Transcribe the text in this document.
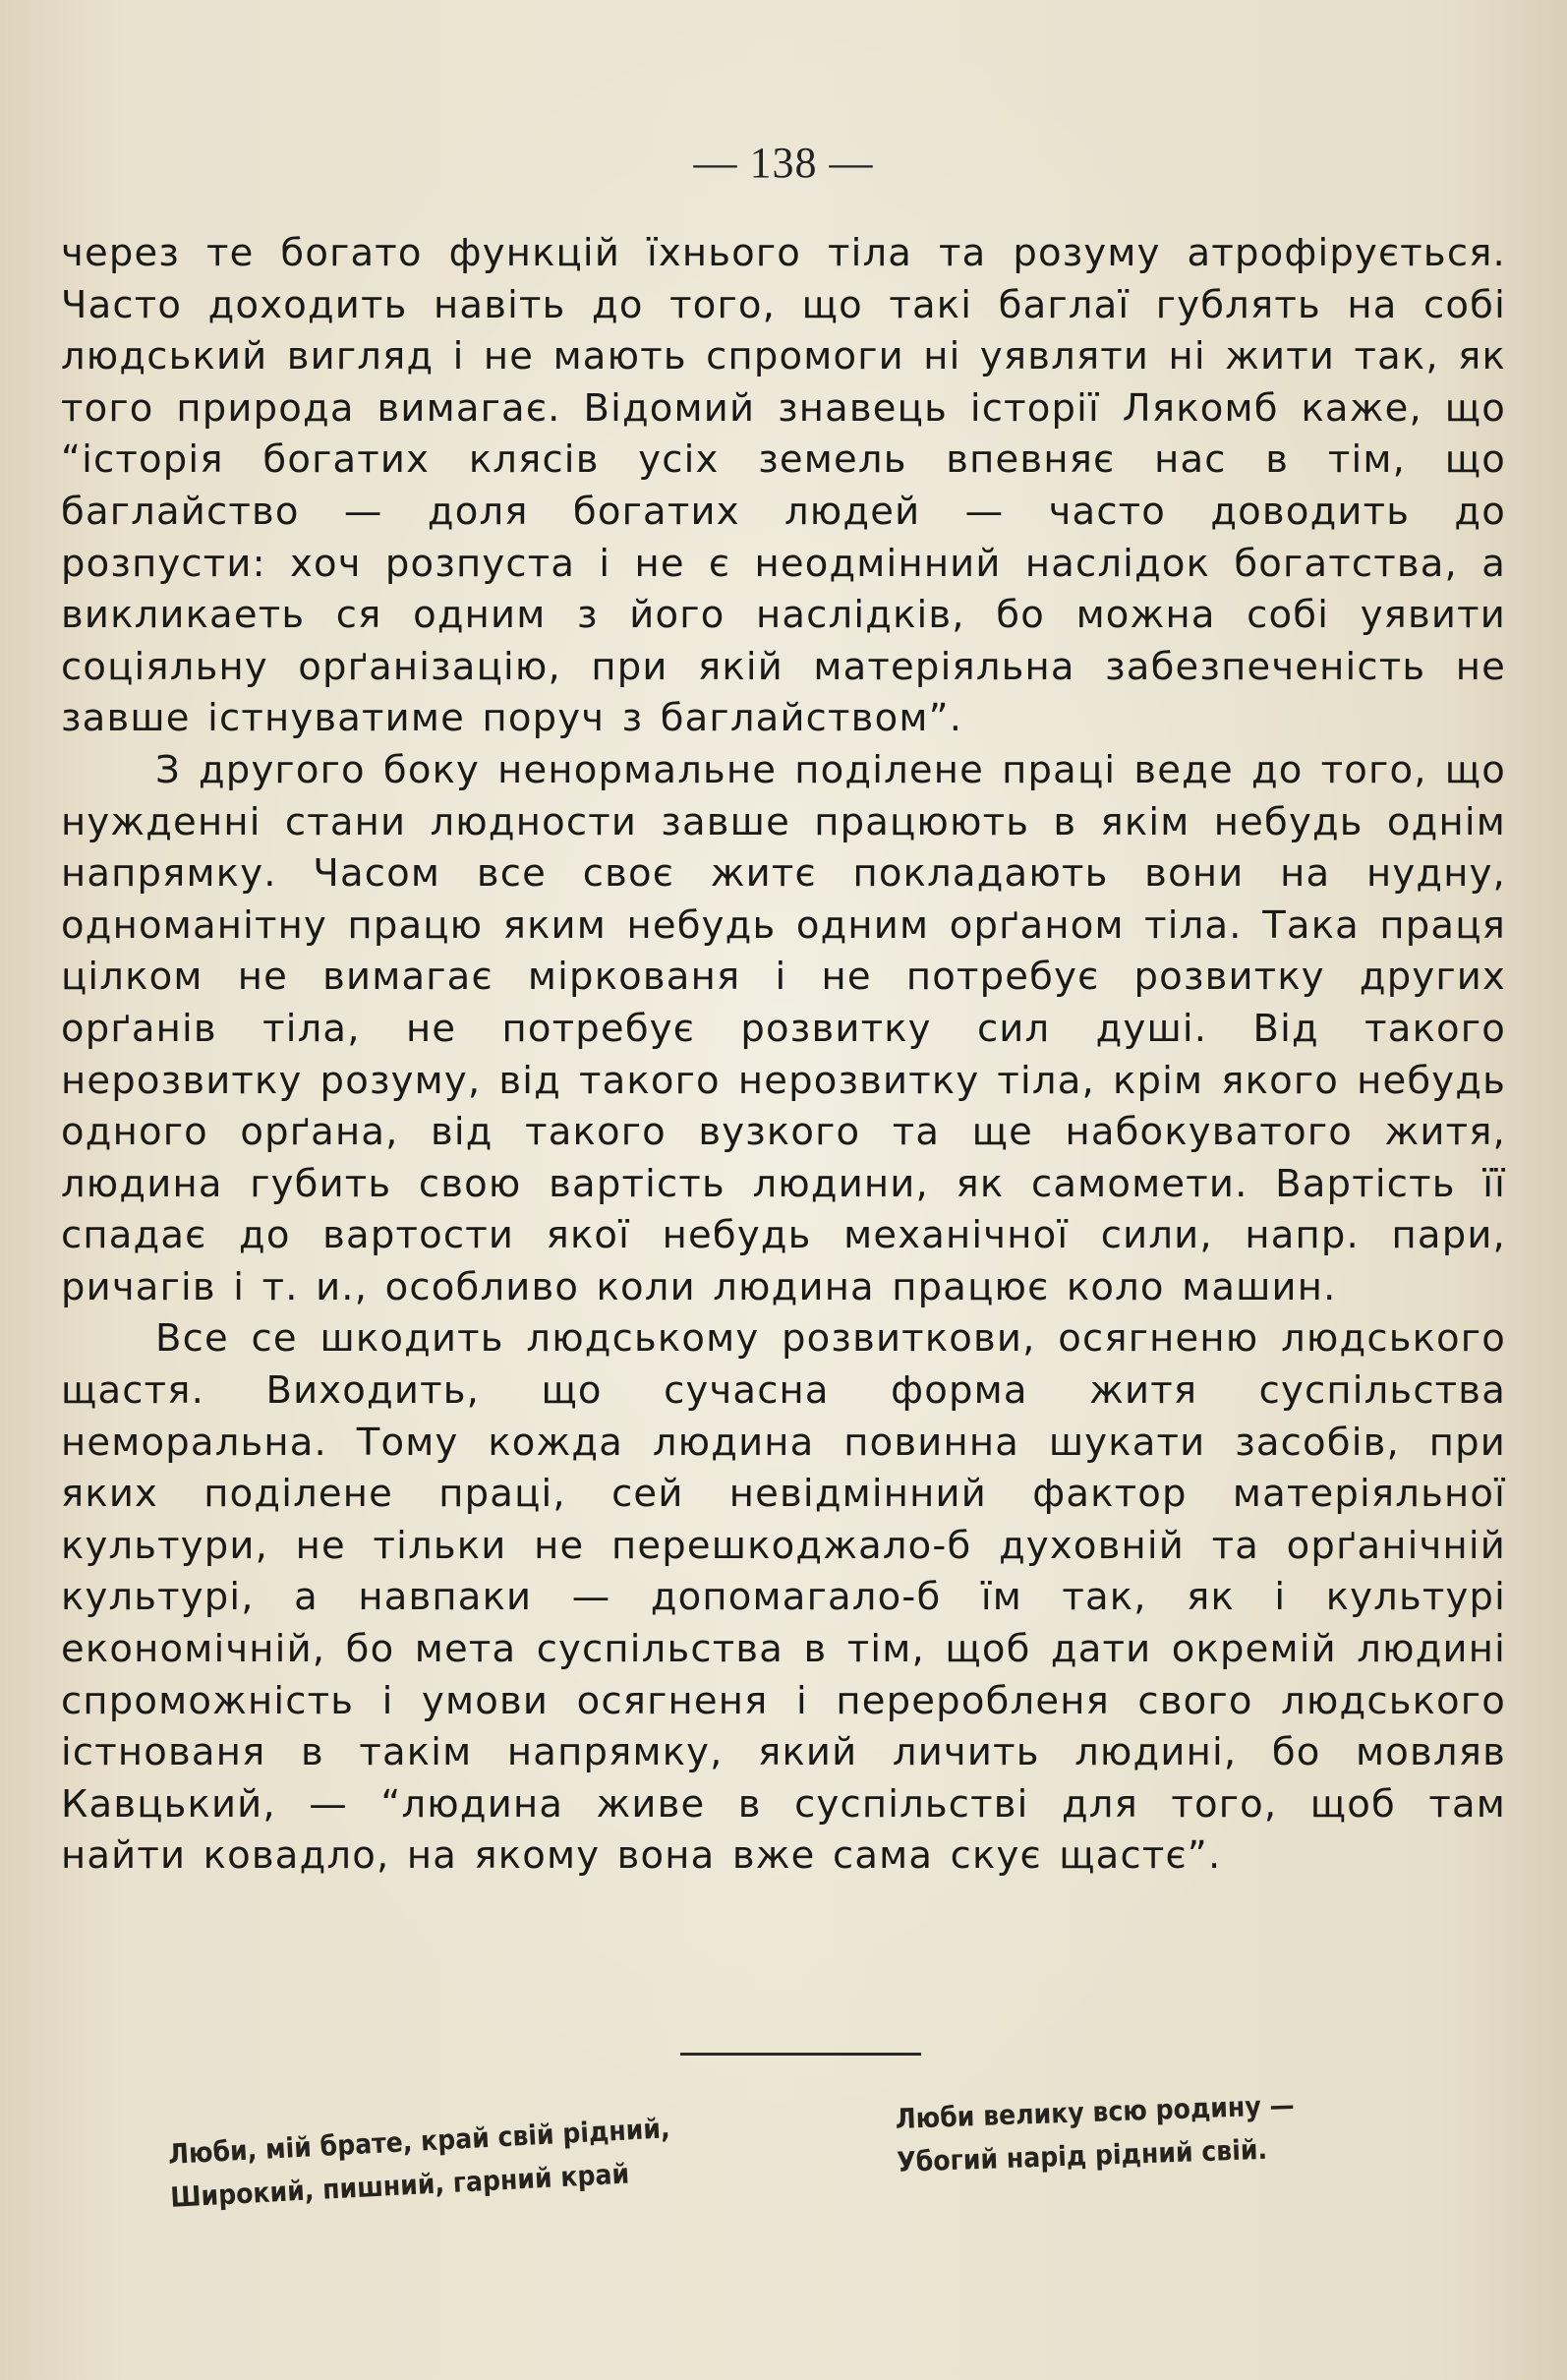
— 138 —

через те богато функцій їхнього тіла та розуму атрофірується. Часто доходить навіть до того, що такі баглаї гублять на собі людський вигляд і не мають спромоги ні уявляти ні жити так, як того природа вимагає. Відомий знавець історії Лякомб каже, що “історія богатих клясів усіх земель впевняє нас в тім, що баглайство — доля богатих людей — часто доводить до розпусти: хоч розпуста і не є неодмінний наслідок богатства, а викликаеть ся одним з його наслідків, бо можна собі уявити соціяльну орґанізацію, при якій матеріяльна забезпеченість не завше істнуватиме поруч з баглайством”.

З другого боку ненормальне поділене праці веде до того, що нужденні стани людности завше працюють в якім небудь однім напрямку. Часом все своє житє покладають вони на нудну, одноманітну працю яким небудь одним орґаном тіла. Така праця цілком не вимагає міркованя і не потребує розвитку других орґанів тіла, не потребує розвитку сил душі. Від такого нерозвитку розуму, від такого нерозвитку тіла, крім якого небудь одного орґана, від такого вузкого та ще набокуватого житя, людина губить свою вартість людини, як самомети. Вартість її спадає до вартости якої небудь механічної сили, напр. пари, ричагів і т. и., особливо коли людина працює коло машин.

Все се шкодить людському розвиткови, осягненю людського щастя. Виходить, що сучасна форма житя суспільства неморальна. Тому кожда людина повинна шукати засобів, при яких поділене праці, сей невідмінний фактор матеріяльної культури, не тільки не перешкоджало-б духовній та орґанічній культурі, а навпаки — допомагало-б їм так, як і культурі економічній, бо мета суспільства в тім, щоб дати окремій людині спроможність і умови осягненя і переробленя свого людського істнованя в такім напрямку, який личить людині, бо мовляв Кавцький, — “людина живе в суспільстві для того, щоб там найти ковадло, на якому вона вже сама скує щастє”.

Люби, мій брате, край свій рідний,
Широкий, пишний, гарний край
Люби велику всю родину —
Убогий нарід рідний свій.
